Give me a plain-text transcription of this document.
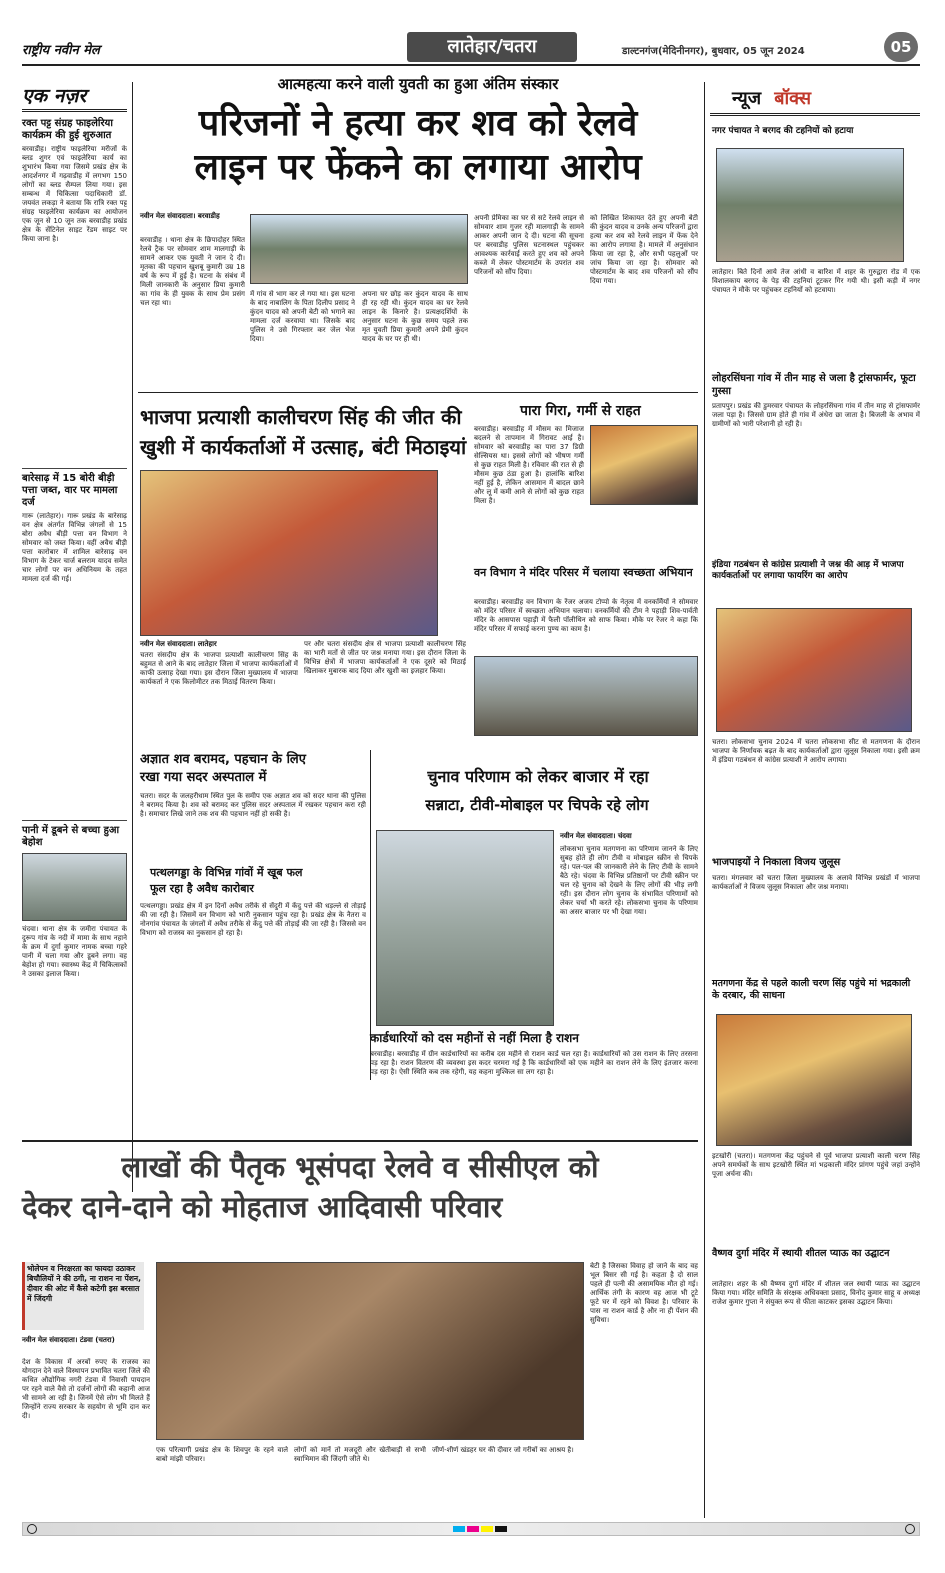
राष्ट्रीय नवीन मेल	लातेहार/चतरा	डाल्टनगंज(मेदिनीनगर), बुधवार, 05 जून 2024	05
एक नज़र
रक्त पट्ट संग्रह फाइलेरिया कार्यक्रम की हुई शुरुआत
बरवाडीह। राष्ट्रीय फाइलेरिया मरीजों के ब्लड शुगर एवं फाइलेरिया कार्य का शुभारंभ किया गया जिसमे प्रखंड क्षेत्र के आदर्शनगर में गढ़वाडीह में लगभग 150 लोगों का ब्लड सैम्पल लिया गया। इस सम्बन्ध में चिकित्सा पदाधिकारी डॉ. जयवंत लकड़ा ने बताया कि रात्रि रक्त पट्ट संग्रह फाइलेरिया कार्यक्रम का आयोजन एक जून से 10 जून तक बरवाडीह प्रखंड क्षेत्र के सेंटिनेल साइट रेंडम साइट पर किया जाना है।
बारेसाढ़ में 15 बोरी बीड़ी पत्ता जब्त, वार पर मामला दर्ज
गारू (लातेहार)। गारू प्रखंड के बारेसाढ़ वन क्षेत्र अंतर्गत विभिन्न जंगलों से 15 बोरा अवैध बीड़ी पत्ता वन विभाग ने सोमवार को जब्त किया। वहीं अवैध बीड़ी पत्ता कारोबार में शामिल बारेसाढ़ वन विभाग के टेकर चार्ज बलराम यादव समेत चार लोगों पर वन अधिनियम के तहत मामला दर्ज की गई।
पानी में डूबने से बच्चा हुआ बेहोश
चंदवा। थाना क्षेत्र के जमीरा पंचायत के दुरूप गांव के नदी में मामा के साथ नहाने के क्रम में दुर्गा कुमार नामक बच्चा गहरे पानी में चला गया और डूबने लगा। वह बेहोश हो गया। स्वास्थ्य केंद्र में चिकित्सकों ने उसका इलाज किया।
आत्महत्या करने वाली युवती का हुआ अंतिम संस्कार
परिजनों ने हत्या कर शव को रेलवे
लाइन पर फेंकने का लगाया आरोप
नवीन मेल संवाददाता। बरवाडीह
बरवाडीह । थाना क्षेत्र के छिपादोहर स्थित रेलवे ट्रैक पर सोमवार शाम मालगाड़ी के सामने आकर एक युवती ने जान दे दी। मृतका की पहचान खुशबू कुमारी उम्र 18 वर्ष के रूप में हुई है। घटना के संबंध में मिली जानकारी के अनुसार प्रिया कुमारी का गांव के ही युवक के साथ प्रेम प्रसंग चल रहा था।
में गांव से भाग कर ले गया था। इस घटना के बाद नाबालिग के पिता दिलीप प्रसाद ने कुंदन यादव को अपनी बेटी को भगाने का मामला दर्ज करवाया था। जिसके बाद पुलिस ने उसे गिरफ्तार कर जेल भेज दिया।
अपना घर छोड़ कर कुंदन यादव के साथ ही रह रही थी। कुंदन यादव का घर रेलवे लाइन के किनारे है। प्रत्यक्षदर्शियों के अनुसार घटना के कुछ समय पहले तक मृत युवती प्रिया कुमारी अपने प्रेमी कुंदन यादव के घर पर ही थी।
अपनी प्रेमिका का घर से सटे रेलवे लाइन से सोमवार शाम गुजर रही मालगाड़ी के सामने आकर अपनी जान दे दी। घटना की सूचना पर बरवाडीह पुलिस घटनास्थल पहुंचकर आवश्यक कार्रवाई करते हुए शव को अपने कब्जे में लेकर पोस्टमार्टम के उपरांत शव परिजनों को सौंप दिया।
को लिखित शिकायत देते हुए अपनी बेटी की कुंदन यादव व उनके अन्य परिजनों द्वारा हत्या कर शव को रेलवे लाइन में फेंक देने का आरोप लगाया है। मामले में अनुसंधान किया जा रहा है, और सभी पहलुओं पर जांच किया जा रहा है। सोमवार को पोस्टमार्टम के बाद शव परिजनों को सौंप दिया गया।
भाजपा प्रत्याशी कालीचरण सिंह की जीत की
खुशी में कार्यकर्ताओं में उत्साह, बंटी मिठाइयां
नवीन मेल संवाददाता। लातेहार
चतरा संसदीय क्षेत्र के भाजपा प्रत्याशी कालीचरण सिंह के बहुमत से आने के बाद लातेहार जिला में भाजपा कार्यकर्ताओं में काफी उत्साह देखा गया। इस दौरान जिला मुख्यालय में भाजपा कार्यकर्ता ने एक किलोमीटर तक मिठाई वितरण किया।
पर और चतरा संसदीय क्षेत्र से भाजपा प्रत्याशी कालीचरण सिंह का भारी मतों से जीत पर जश्न मनाया गया। इस दौरान जिला के विभिन्न क्षेत्रों में भाजपा कार्यकर्ताओं ने एक दूसरे को मिठाई खिलाकर मुबारक बाद दिया और खुशी का इजहार किया।
पारा गिरा, गर्मी से राहत
बरवाडीह। बरवाडीह में मौसम का मिजाज बदलने से तापमान में गिरावट आई है। सोमवार को बरवाडीह का पारा 37 डिग्री सेल्सियस था। इससे लोगों को भीषण गर्मी से कुछ राहत मिली है। रविवार की रात से ही मौसम कुछ ठंडा हुआ है। हालांकि बारिश नहीं हुई है, लेकिन आसमान में बादल छाने और लू में कमी आने से लोगों को कुछ राहत मिला है।
वन विभाग ने मंदिर परिसर में चलाया स्वच्छता अभियान
बरवाडीह। बरवाडीह वन विभाग के रेंजर अजय टोप्पो के नेतृत्व में वनकर्मियों ने सोमवार को मंदिर परिसर में स्वच्छता अभियान चलाया। वनकर्मियों की टीम ने पहाड़ी शिव-पार्वती मंदिर के आसपास पहाड़ी में फैली पॉलीथिन को साफ किया। मौके पर रेंजर ने कहा कि मंदिर परिसर में सफाई करना पुण्य का काम है।
अज्ञात शव बरामद, पहचान के लिए
रखा गया सदर अस्पताल में
चतरा। सदर के जलहरीधाम स्थित पुल के समीप एक अज्ञात शव को सदर थाना की पुलिस ने बरामद किया है। शव को बरामद कर पुलिस सदर अस्पताल में रखकर पहचान करा रही है। समाचार लिखे जाने तक शव की पहचान नहीं हो सकी है।
पत्थलगड्डा के विभिन्न गांवों में खूब फल
फूल रहा है अवैध कारोबार
पत्थलगड्डा। प्रखंड क्षेत्र में इन दिनों अवैध तरीके से सेंदुरी में केंदु पत्ते की धड़ल्ले से तोड़ाई की जा रही है। जिसमें वन विभाग को भारी नुकसान पहुंच रहा है। प्रखंड क्षेत्र के नैतरा व नोनगांव पंचायत के जंगलों में अवैध तरीके से केंदु पत्ते की तोड़ाई की जा रही है। जिससे वन विभाग को राजस्व का नुकसान हो रहा है।
चुनाव परिणाम को लेकर बाजार में रहा
सन्नाटा, टीवी-मोबाइल पर चिपके रहे लोग
नवीन मेल संवाददाता। चंदवा
लोकसभा चुनाव मतगणना का परिणाम जानने के लिए सुबह होते ही लोग टीवी व मोबाइल स्क्रीन से चिपके रहे। पल-पल की जानकारी लेने के लिए टीवी के सामने बैठे रहे। चंदवा के विभिन्न प्रतिष्ठानों पर टीवी स्क्रीन पर चल रहे चुनाव को देखने के लिए लोगों की भीड़ लगी रही। इस दौरान लोग चुनाव के संभावित परिणामों को लेकर चर्चा भी करते रहे। लोकसभा चुनाव के परिणाम का असर बाजार पर भी देखा गया।
कार्डधारियों को दस महीनों से नहीं मिला है राशन
बरवाडीह। बरवाडीह में ग्रीन कार्डधारियों का करीब दस महीने से राशन कार्ड चल रहा है। कार्डधारियों को उस राशन के लिए तरसना पड़ रहा है। राशन वितरण की व्यवस्था इस कदर चरमरा गई है कि कार्डधारियों को एक महीने का राशन लेने के लिए इंतजार करना पड़ रहा है। ऐसी स्थिति कब तक रहेगी, यह कहना मुश्किल सा लग रहा है।
लाखों की पैतृक भूसंपदा रेलवे व सीसीएल को
देकर दाने-दाने को मोहताज आदिवासी परिवार
भोलेपन व निरक्षरता का फायदा उठाकर बिचौलियों ने की ठगी, ना राशन ना पेंशन, दीवार की ओट में कैसे कटेगी इस बरसात में जिंदगी
नवीन मेल संवाददाता। टंडवा (चतरा)
देश के विकास में अरबों रुपए के राजस्व का योगदान देने वाले विस्थापन प्रभावित चतरा जिले की कथित औद्योगिक नगरी टंडवा में निवासी पायदान पर रहने वाले वैसे तो दर्जनों लोगों की कहानी आज भी सामने आ रही है। जिनमें ऐसे लोग भी मिलते हैं जिन्होंने राज्य सरकार के सहयोग से भूमि दान कर दी।
एक परित्यागी प्रखंड क्षेत्र के शिवपुर के रहने वाले बाबो मांझी परिवार।
लोगों को मानें तो मजदूरी और खेतीबाड़ी से सभी स्वाभिमान की जिंदगी जीते थे।
जीर्ण-शीर्ण खंडहर घर की दीवार जो गरीबों का आश्रय है।
बेटी है जिसका विवाह हो जाने के बाद वह भूल बिसर सी गई है। कहता है दो साल पहले ही पत्नी की असामयिक मौत हो गई। आर्थिक तंगी के कारण वह आज भी टूटे फूटे घर में रहने को विवश है। परिवार के पास ना राशन कार्ड है और ना ही पेंशन की सुविधा।
न्यूज बॉक्स
नगर पंचायत ने बरगद की टहनियों को हटाया
लातेहार। बिते दिनों आये तेज आंधी व बारिश में शहर के गुरुद्वारा रोड में एक विशालकाय बरगद के पेड़ की टहनियां टूटकर गिर गयी थी। इसी कड़ी में नगर पंचायत ने मौके पर पहुंचकर टहनियों को हटवाया।
लोहरसिंघना गांव में तीन माह से जला है ट्रांसफार्मर, फूटा गुस्सा
प्रतापपुर। प्रखंड की डुमरवार पंचायत के लोहरसिंघना गांव में तीन माह से ट्रांसफार्मर जला पड़ा है। जिससे ग्राम होते ही गांव में अंधेरा छा जाता है। बिजली के अभाव में ग्रामीणों को भारी परेशानी हो रही है।
इंडिया गठबंधन से कांग्रेस प्रत्याशी ने जश्न की आड़ में भाजपा कार्यकर्ताओं पर लगाया फायरिंग का आरोप
चतरा। लोकसभा चुनाव 2024 में चतरा लोकसभा सीट से मतगणना के दौरान भाजपा के निर्णायक बढ़त के बाद कार्यकर्ताओं द्वारा जुलूस निकाला गया। इसी क्रम में इंडिया गठबंधन से कांग्रेस प्रत्याशी ने आरोप लगाया।
भाजपाइयों ने निकाला विजय जुलूस
चतरा। मंगलवार को चतरा जिला मुख्यालय के अलावे विभिन्न प्रखंडों में भाजपा कार्यकर्ताओं ने विजय जुलूस निकाला और जश्न मनाया।
मतगणना केंद्र से पहले काली चरण सिंह पहुंचे मां भद्रकाली के दरबार, की साधना
इटखोरी (चतरा)। मतगणना केंद्र पहुंचने से पूर्व भाजपा प्रत्याशी काली चरण सिंह अपने समर्थकों के साथ इटखोरी स्थित मां भद्रकाली मंदिर प्रांगण पहुंचे जहां उन्होंने पूजा अर्चना की।
वैष्णव दुर्गा मंदिर में स्थायी शीतल प्याऊ का उद्घाटन
लातेहार। शहर के श्री वैष्णव दुर्गा मंदिर में शीतल जल स्थायी प्याऊ का उद्घाटन किया गया। मंदिर समिति के संरक्षक अधिवक्ता प्रसाद, विनोद कुमार साहू व अध्यक्ष राजेश कुमार गुप्ता ने संयुक्त रूप से फीता काटकर इसका उद्घाटन किया।
